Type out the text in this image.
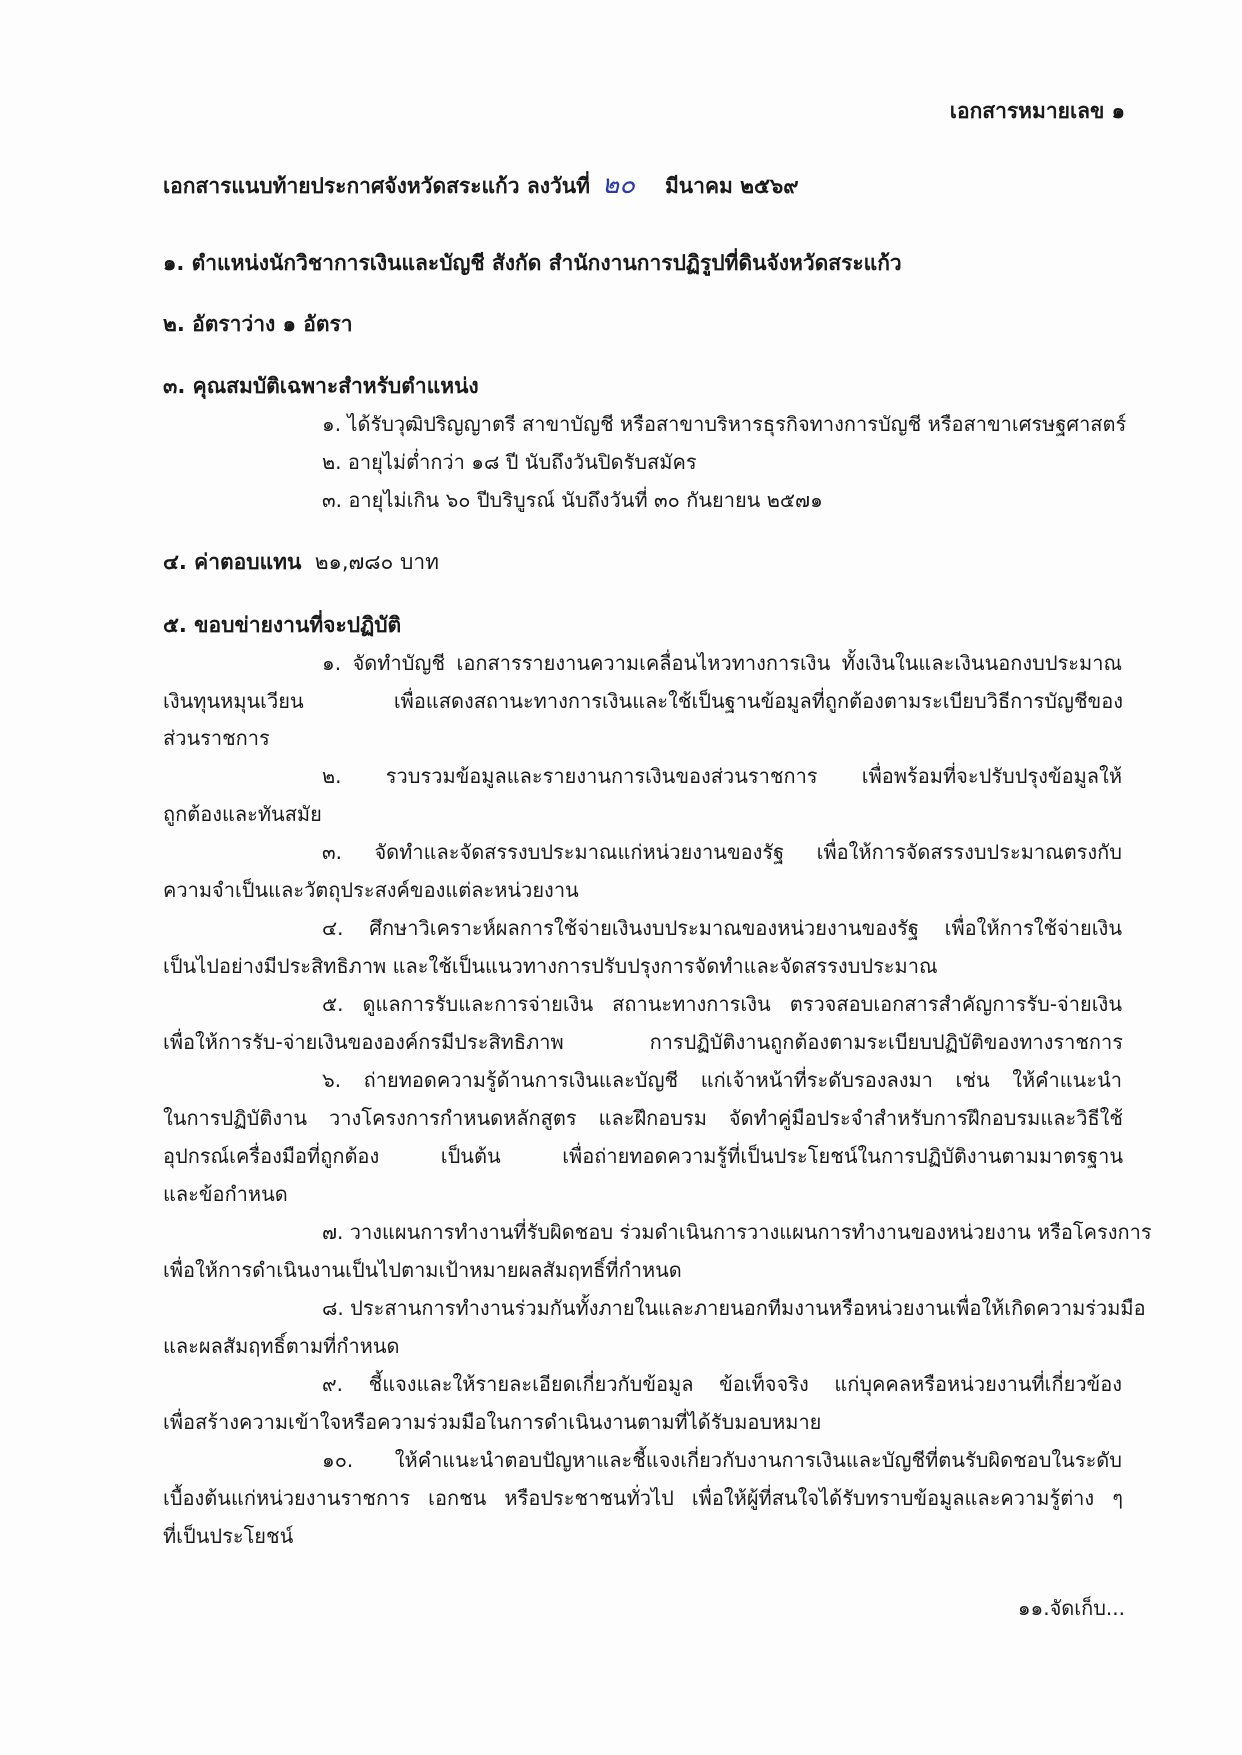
เอกสารหมายเลข ๑
เอกสารแนบท้ายประกาศจังหวัดสระแก้ว ลงวันที่ ๒๐ มีนาคม ๒๕๖๙
๑. ตำแหน่งนักวิชาการเงินและบัญชี สังกัด สำนักงานการปฏิรูปที่ดินจังหวัดสระแก้ว
๒. อัตราว่าง ๑ อัตรา
๓. คุณสมบัติเฉพาะสำหรับตำแหน่ง
๑. ได้รับวุฒิปริญญาตรี สาขาบัญชี หรือสาขาบริหารธุรกิจทางการบัญชี หรือสาขาเศรษฐศาสตร์
๒. อายุไม่ต่ำกว่า ๑๘ ปี นับถึงวันปิดรับสมัคร
๓. อายุไม่เกิน ๖๐ ปีบริบูรณ์ นับถึงวันที่ ๓๐ กันยายน ๒๕๗๑
๔. ค่าตอบแทน ๒๑,๗๘๐ บาท
๕. ขอบข่ายงานที่จะปฏิบัติ
๑. จัดทำบัญชี เอกสารรายงานความเคลื่อนไหวทางการเงิน ทั้งเงินในและเงินนอกงบประมาณ
เงินทุนหมุนเวียน เพื่อแสดงสถานะทางการเงินและใช้เป็นฐานข้อมูลที่ถูกต้องตามระเบียบวิธีการบัญชีของ
ส่วนราชการ
๒. รวบรวมข้อมูลและรายงานการเงินของส่วนราชการ เพื่อพร้อมที่จะปรับปรุงข้อมูลให้
ถูกต้องและทันสมัย
๓. จัดทำและจัดสรรงบประมาณแก่หน่วยงานของรัฐ เพื่อให้การจัดสรรงบประมาณตรงกับ
ความจำเป็นและวัตถุประสงค์ของแต่ละหน่วยงาน
๔. ศึกษาวิเคราะห์ผลการใช้จ่ายเงินงบประมาณของหน่วยงานของรัฐ เพื่อให้การใช้จ่ายเงิน
เป็นไปอย่างมีประสิทธิภาพ และใช้เป็นแนวทางการปรับปรุงการจัดทำและจัดสรรงบประมาณ
๕. ดูแลการรับและการจ่ายเงิน สถานะทางการเงิน ตรวจสอบเอกสารสำคัญการรับ-จ่ายเงิน
เพื่อให้การรับ-จ่ายเงินขององค์กรมีประสิทธิภาพ การปฏิบัติงานถูกต้องตามระเบียบปฏิบัติของทางราชการ
๖. ถ่ายทอดความรู้ด้านการเงินและบัญชี แก่เจ้าหน้าที่ระดับรองลงมา เช่น ให้คำแนะนำ
ในการปฏิบัติงาน วางโครงการกำหนดหลักสูตร และฝึกอบรม จัดทำคู่มือประจำสำหรับการฝึกอบรมและวิธีใช้
อุปกรณ์เครื่องมือที่ถูกต้อง เป็นต้น เพื่อถ่ายทอดความรู้ที่เป็นประโยชน์ในการปฏิบัติงานตามมาตรฐาน
และข้อกำหนด
๗. วางแผนการทำงานที่รับผิดชอบ ร่วมดำเนินการวางแผนการทำงานของหน่วยงาน หรือโครงการ
เพื่อให้การดำเนินงานเป็นไปตามเป้าหมายผลสัมฤทธิ์ที่กำหนด
๘. ประสานการทำงานร่วมกันทั้งภายในและภายนอกทีมงานหรือหน่วยงานเพื่อให้เกิดความร่วมมือ
และผลสัมฤทธิ์ตามที่กำหนด
๙. ชี้แจงและให้รายละเอียดเกี่ยวกับข้อมูล ข้อเท็จจริง แก่บุคคลหรือหน่วยงานที่เกี่ยวข้อง
เพื่อสร้างความเข้าใจหรือความร่วมมือในการดำเนินงานตามที่ได้รับมอบหมาย
๑๐. ให้คำแนะนำตอบปัญหาและชี้แจงเกี่ยวกับงานการเงินและบัญชีที่ตนรับผิดชอบในระดับ
เบื้องต้นแก่หน่วยงานราชการ เอกชน หรือประชาชนทั่วไป เพื่อให้ผู้ที่สนใจได้รับทราบข้อมูลและความรู้ต่าง ๆ
ที่เป็นประโยชน์
๑๑.จัดเก็บ...
